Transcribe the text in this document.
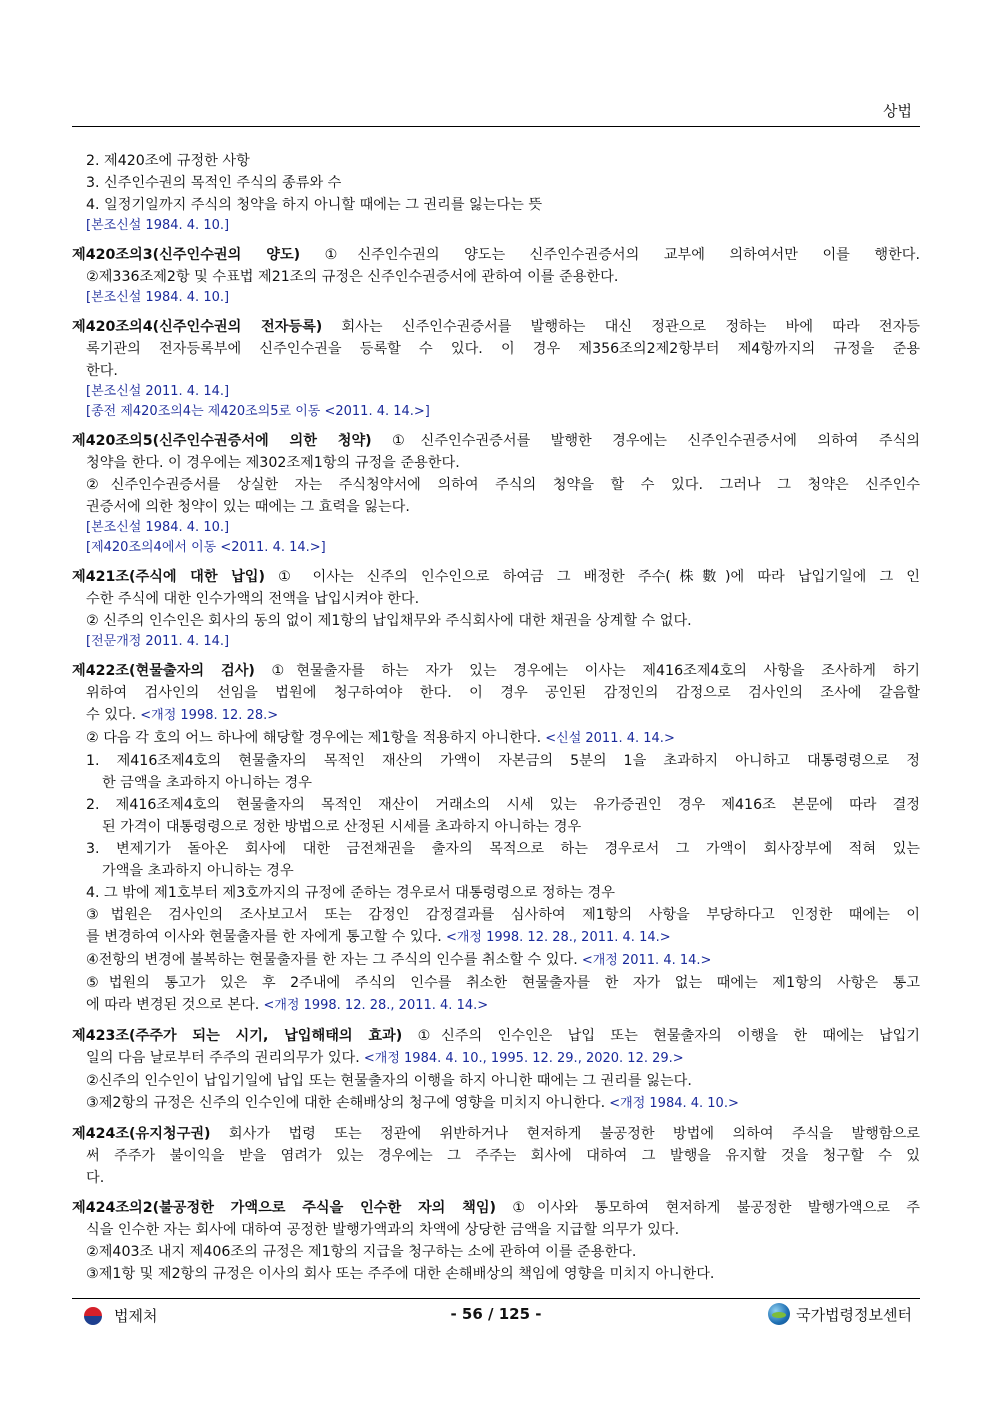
상법
2. 제420조에 규정한 사항
3. 신주인수권의 목적인 주식의 종류와 수
4. 일정기일까지 주식의 청약을 하지 아니할 때에는 그 권리를 잃는다는 뜻
[본조신설 1984. 4. 10.]
제420조의3(신주인수권의 양도) ①신주인수권의 양도는 신주인수권증서의 교부에 의하여서만 이를 행한다.
②제336조제2항 및 수표법 제21조의 규정은 신주인수권증서에 관하여 이를 준용한다.
[본조신설 1984. 4. 10.]
제420조의4(신주인수권의 전자등록) 회사는 신주인수권증서를 발행하는 대신 정관으로 정하는 바에 따라 전자등
록기관의 전자등록부에 신주인수권을 등록할 수 있다. 이 경우 제356조의2제2항부터 제4항까지의 규정을 준용
한다.
[본조신설 2011. 4. 14.]
[종전 제420조의4는 제420조의5로 이동 <2011. 4. 14.>]
제420조의5(신주인수권증서에 의한 청약) ①신주인수권증서를 발행한 경우에는 신주인수권증서에 의하여 주식의
청약을 한다. 이 경우에는 제302조제1항의 규정을 준용한다.
②신주인수권증서를 상실한 자는 주식청약서에 의하여 주식의 청약을 할 수 있다. 그러나 그 청약은 신주인수
권증서에 의한 청약이 있는 때에는 그 효력을 잃는다.
[본조신설 1984. 4. 10.]
[제420조의4에서 이동 <2011. 4. 14.>]
제421조(주식에 대한 납입) ① 이사는 신주의 인수인으로 하여금 그 배정한 주수(株數)에 따라 납입기일에 그 인
수한 주식에 대한 인수가액의 전액을 납입시켜야 한다.
② 신주의 인수인은 회사의 동의 없이 제1항의 납입채무와 주식회사에 대한 채권을 상계할 수 없다.
[전문개정 2011. 4. 14.]
제422조(현물출자의 검사) ①현물출자를 하는 자가 있는 경우에는 이사는 제416조제4호의 사항을 조사하게 하기
위하여 검사인의 선임을 법원에 청구하여야 한다. 이 경우 공인된 감정인의 감정으로 검사인의 조사에 갈음할
수 있다. <개정 1998. 12. 28.>
② 다음 각 호의 어느 하나에 해당할 경우에는 제1항을 적용하지 아니한다. <신설 2011. 4. 14.>
1. 제416조제4호의 현물출자의 목적인 재산의 가액이 자본금의 5분의 1을 초과하지 아니하고 대통령령으로 정
한 금액을 초과하지 아니하는 경우
2. 제416조제4호의 현물출자의 목적인 재산이 거래소의 시세 있는 유가증권인 경우 제416조 본문에 따라 결정
된 가격이 대통령령으로 정한 방법으로 산정된 시세를 초과하지 아니하는 경우
3. 변제기가 돌아온 회사에 대한 금전채권을 출자의 목적으로 하는 경우로서 그 가액이 회사장부에 적혀 있는
가액을 초과하지 아니하는 경우
4. 그 밖에 제1호부터 제3호까지의 규정에 준하는 경우로서 대통령령으로 정하는 경우
③법원은 검사인의 조사보고서 또는 감정인 감정결과를 심사하여 제1항의 사항을 부당하다고 인정한 때에는 이
를 변경하여 이사와 현물출자를 한 자에게 통고할 수 있다. <개정 1998. 12. 28., 2011. 4. 14.>
④전항의 변경에 불복하는 현물출자를 한 자는 그 주식의 인수를 취소할 수 있다. <개정 2011. 4. 14.>
⑤법원의 통고가 있은 후 2주내에 주식의 인수를 취소한 현물출자를 한 자가 없는 때에는 제1항의 사항은 통고
에 따라 변경된 것으로 본다. <개정 1998. 12. 28., 2011. 4. 14.>
제423조(주주가 되는 시기, 납입해태의 효과) ①신주의 인수인은 납입 또는 현물출자의 이행을 한 때에는 납입기
일의 다음 날로부터 주주의 권리의무가 있다. <개정 1984. 4. 10., 1995. 12. 29., 2020. 12. 29.>
②신주의 인수인이 납입기일에 납입 또는 현물출자의 이행을 하지 아니한 때에는 그 권리를 잃는다.
③제2항의 규정은 신주의 인수인에 대한 손해배상의 청구에 영향을 미치지 아니한다. <개정 1984. 4. 10.>
제424조(유지청구권) 회사가 법령 또는 정관에 위반하거나 현저하게 불공정한 방법에 의하여 주식을 발행함으로
써 주주가 불이익을 받을 염려가 있는 경우에는 그 주주는 회사에 대하여 그 발행을 유지할 것을 청구할 수 있
다.
제424조의2(불공정한 가액으로 주식을 인수한 자의 책임) ①이사와 통모하여 현저하게 불공정한 발행가액으로 주
식을 인수한 자는 회사에 대하여 공정한 발행가액과의 차액에 상당한 금액을 지급할 의무가 있다.
②제403조 내지 제406조의 규정은 제1항의 지급을 청구하는 소에 관하여 이를 준용한다.
③제1항 및 제2항의 규정은 이사의 회사 또는 주주에 대한 손해배상의 책임에 영향을 미치지 아니한다.
법제처	- 56 / 125 -	국가법령정보센터
